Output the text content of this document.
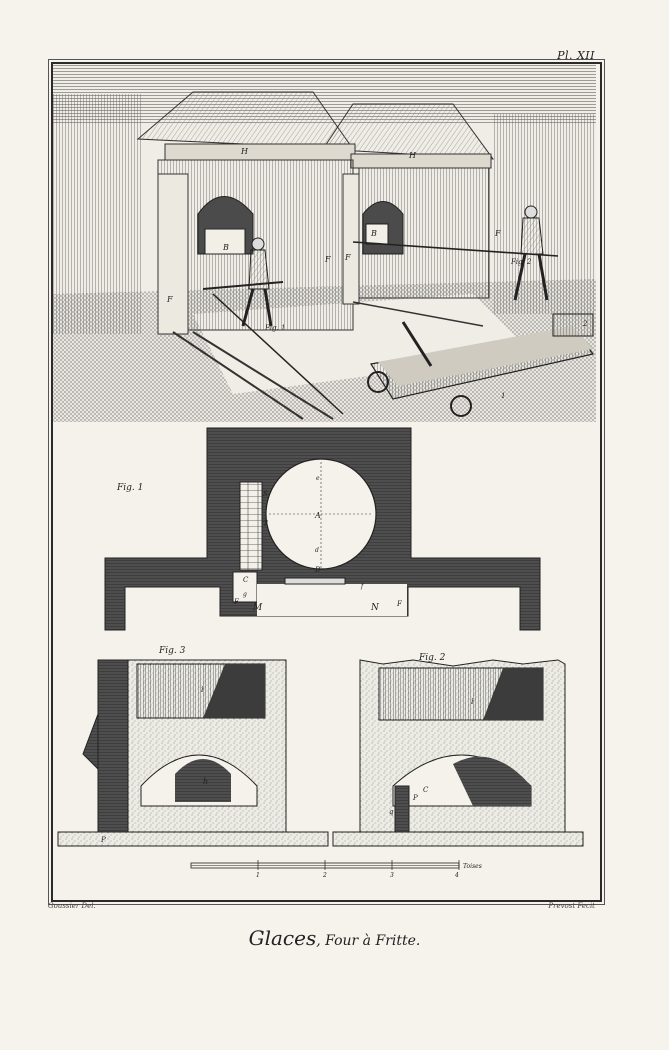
Pl. XII
H	H
B
B
F
F F
F
Fig. 1
Fig. 2
1
2
Fig. 1
A
B
C
S
T
M	N
F	F
e
d
g
f
Fig. 3
i
h
P
Fig. 2
i
C
P
q
1	2	3	4
Toises
Goussier Del.	Prevost Fecit
Glaces, Four à Fritte.
